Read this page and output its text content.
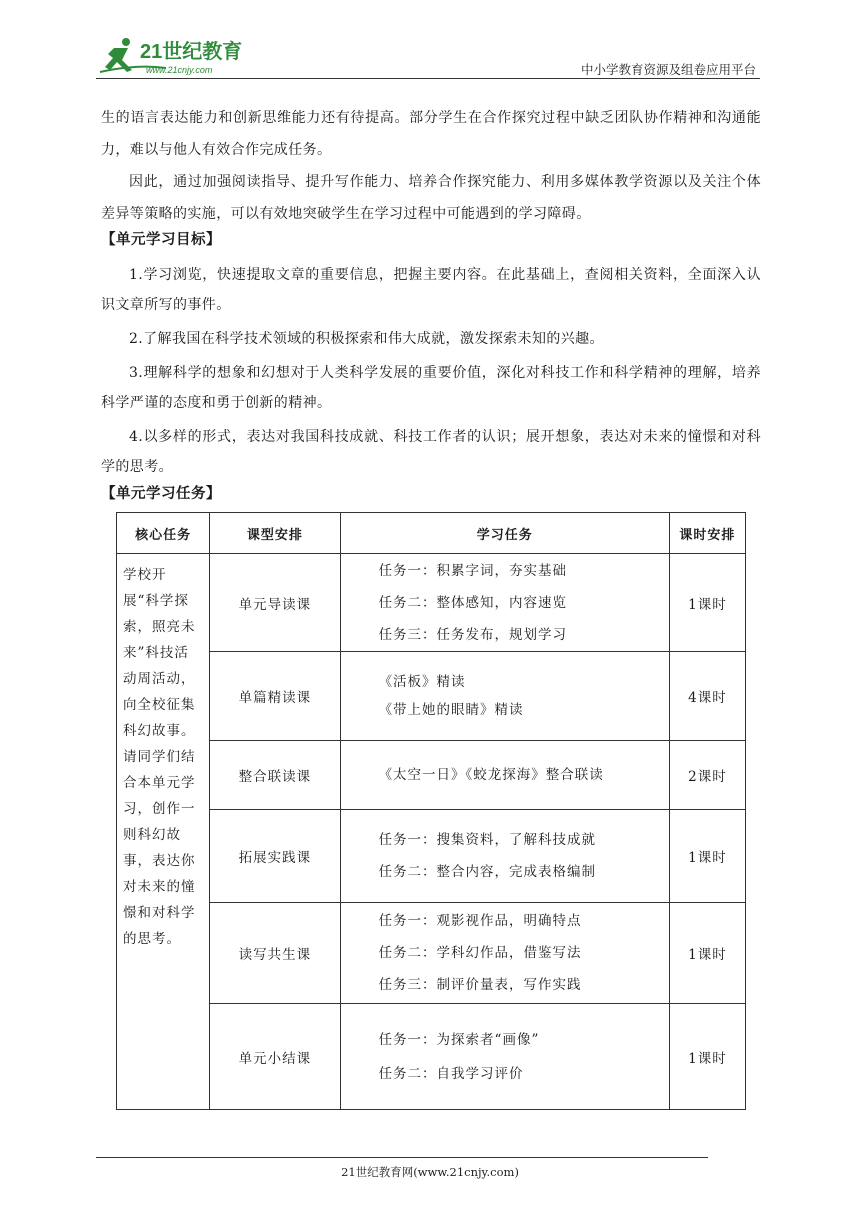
21世纪教育
www.21cnjy.com	中小学教育资源及组卷应用平台

生的语言表达能力和创新思维能力还有待提高。部分学生在合作探究过程中缺乏团队协作精神和沟通能力，难以与他人有效合作完成任务。

因此，通过加强阅读指导、提升写作能力、培养合作探究能力、利用多媒体教学资源以及关注个体差异等策略的实施，可以有效地突破学生在学习过程中可能遇到的学习障碍。

【单元学习目标】

1.学习浏览，快速提取文章的重要信息，把握主要内容。在此基础上，查阅相关资料，全面深入认识文章所写的事件。

2.了解我国在科学技术领域的积极探索和伟大成就，激发探索未知的兴趣。

3.理解科学的想象和幻想对于人类科学发展的重要价值，深化对科技工作和科学精神的理解，培养科学严谨的态度和勇于创新的精神。

4.以多样的形式，表达对我国科技成就、科技工作者的认识；展开想象，表达对未来的憧憬和对科学的思考。

【单元学习任务】
核心任务	课型安排	学习任务	课时安排

学校开展“科学探索，照亮未来”科技活动周活动，向全校征集科幻故事。请同学们结合本单元学习，创作一则科幻故事，表达你对未来的憧憬和对科学的思考。	单元导读课	任务一：积累字词，夯实基础
任务二：整体感知，内容速览
任务三：任务发布，规划学习	1课时
	单篇精读课	《活板》精读
《带上她的眼睛》精读	4课时
	整合联读课	《太空一日》《蛟龙探海》整合联读	2课时
	拓展实践课	任务一：搜集资料，了解科技成就
任务二：整合内容，完成表格编制	1课时
	读写共生课	任务一：观影视作品，明确特点
任务二：学科幻作品，借鉴写法
任务三：制评价量表，写作实践	1课时
	单元小结课	任务一：为探索者“画像”
任务二：自我学习评价	1课时
21世纪教育网(www.21cnjy.com)
